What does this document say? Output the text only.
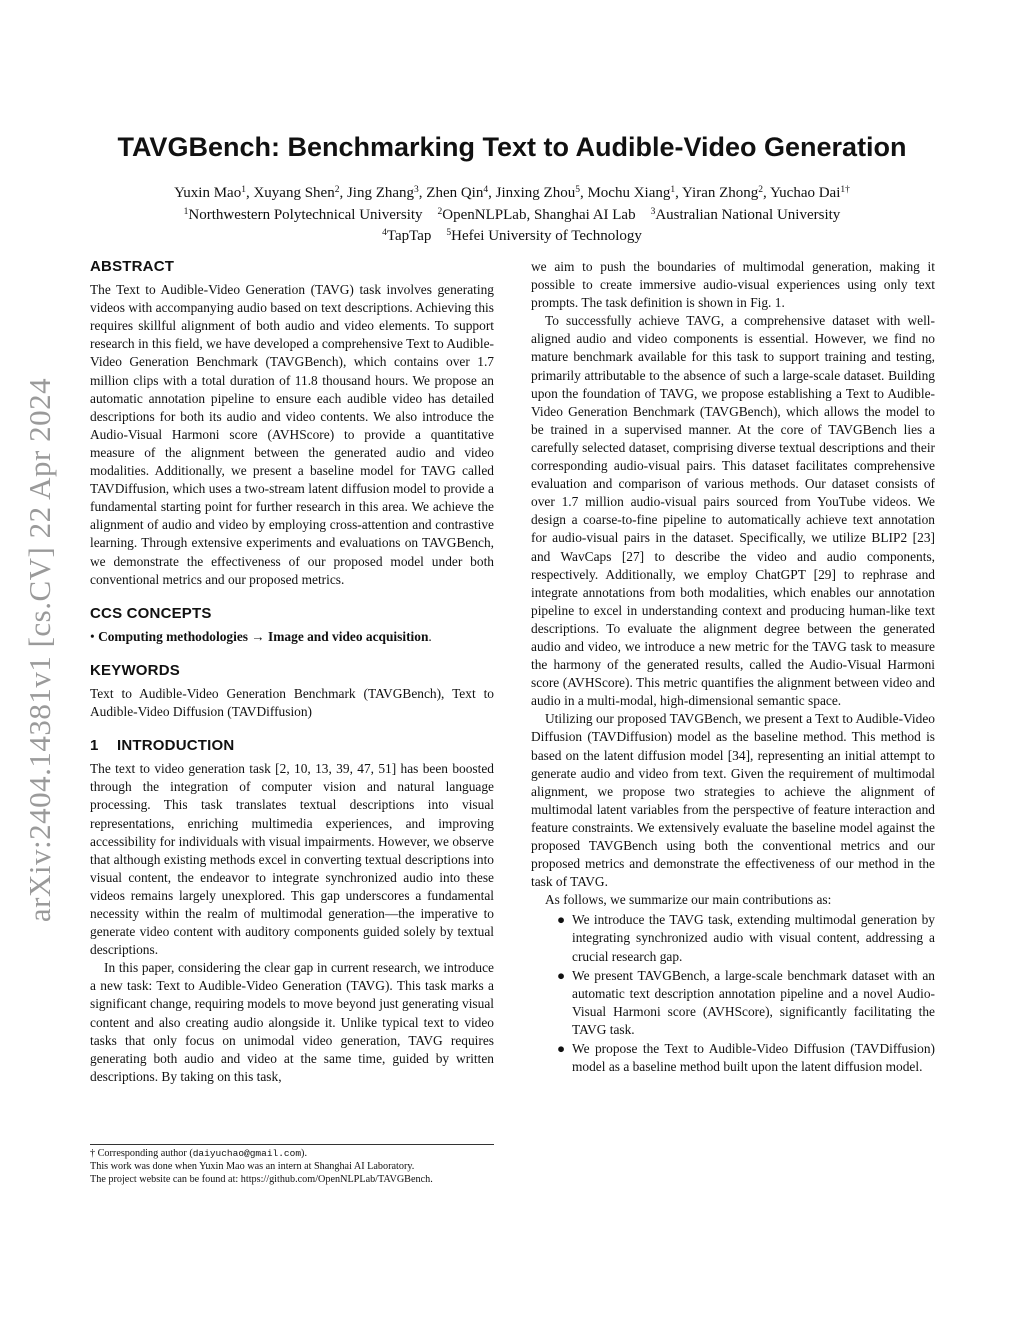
arXiv:2404.14381v1 [cs.CV] 22 Apr 2024
TAVGBench: Benchmarking Text to Audible-Video Generation

Yuxin Mao$^1$, Xuyang Shen$^2$, Jing Zhang$^3$, Zhen Qin$^4$, Jinxing Zhou$^5$, Mochu Xiang$^1$, Yiran Zhong$^2$, Yuchao Dai$^{1\dagger}$

$^1$Northwestern Polytechnical University $^2$OpenNLPLab, Shanghai AI Lab $^3$Australian National University

$^4$TapTap $^5$Hefei University of Technology

ABSTRACT

The Text to Audible-Video Generation (TAVG) task involves generating videos with accompanying audio based on text descriptions. Achieving this requires skillful alignment of both audio and video elements. To support research in this field, we have developed a comprehensive Text to Audible-Video Generation Benchmark (TAVGBench), which contains over 1.7 million clips with a total duration of 11.8 thousand hours. We propose an automatic annotation pipeline to ensure each audible video has detailed descriptions for both its audio and video contents. We also introduce the Audio-Visual Harmoni score (AVHScore) to provide a quantitative measure of the alignment between the generated audio and video modalities. Additionally, we present a baseline model for TAVG called TAVDiffusion, which uses a two-stream latent diffusion model to provide a fundamental starting point for further research in this area. We achieve the alignment of audio and video by employing cross-attention and contrastive learning. Through extensive experiments and evaluations on TAVGBench, we demonstrate the effectiveness of our proposed model under both conventional metrics and our proposed metrics.

CCS CONCEPTS

• Computing methodologies → Image and video acquisition.

KEYWORDS

Text to Audible-Video Generation Benchmark (TAVGBench), Text to Audible-Video Diffusion (TAVDiffusion)

1 INTRODUCTION

The text to video generation task [2, 10, 13, 39, 47, 51] has been boosted through the integration of computer vision and natural language processing. This task translates textual descriptions into visual representations, enriching multimedia experiences, and improving accessibility for individuals with visual impairments. However, we observe that although existing methods excel in converting textual descriptions into visual content, the endeavor to integrate synchronized audio into these videos remains largely unexplored. This gap underscores a fundamental necessity within the realm of multimodal generation—the imperative to generate video content with auditory components guided solely by textual descriptions.

In this paper, considering the clear gap in current research, we introduce a new task: Text to Audible-Video Generation (TAVG). This task marks a significant change, requiring models to move beyond just generating visual content and also creating audio alongside it. Unlike typical text to video tasks that only focus on unimodal video generation, TAVG requires generating both audio and video at the same time, guided by written descriptions. By taking on this task,

we aim to push the boundaries of multimodal generation, making it possible to create immersive audio-visual experiences using only text prompts. The task definition is shown in Fig. 1.

To successfully achieve TAVG, a comprehensive dataset with well-aligned audio and video components is essential. However, we find no mature benchmark available for this task to support training and testing, primarily attributable to the absence of such a large-scale dataset. Building upon the foundation of TAVG, we propose establishing a Text to Audible-Video Generation Benchmark (TAVGBench), which allows the model to be trained in a supervised manner. At the core of TAVGBench lies a carefully selected dataset, comprising diverse textual descriptions and their corresponding audio-visual pairs. This dataset facilitates comprehensive evaluation and comparison of various methods. Our dataset consists of over 1.7 million audio-visual pairs sourced from YouTube videos. We design a coarse-to-fine pipeline to automatically achieve text annotation for audio-visual pairs in the dataset. Specifically, we utilize BLIP2 [23] and WavCaps [27] to describe the video and audio components, respectively. Additionally, we employ ChatGPT [29] to rephrase and integrate annotations from both modalities, which enables our annotation pipeline to excel in understanding context and producing human-like text descriptions. To evaluate the alignment degree between the generated audio and video, we introduce a new metric for the TAVG task to measure the harmony of the generated results, called the Audio-Visual Harmoni score (AVHScore). This metric quantifies the alignment between video and audio in a multi-modal, high-dimensional semantic space.

Utilizing our proposed TAVGBench, we present a Text to Audible-Video Diffusion (TAVDiffusion) model as the baseline method. This method is based on the latent diffusion model [34], representing an initial attempt to generate audio and video from text. Given the requirement of multimodal alignment, we propose two strategies to achieve the alignment of multimodal latent variables from the perspective of feature interaction and feature constraints. We extensively evaluate the baseline model against the proposed TAVGBench using both the conventional metrics and our proposed metrics and demonstrate the effectiveness of our method in the task of TAVG.

As follows, we summarize our main contributions as:

● We introduce the TAVG task, extending multimodal generation by integrating synchronized audio with visual content, addressing a crucial research gap.
● We present TAVGBench, a large-scale benchmark dataset with an automatic text description annotation pipeline and a novel Audio-Visual Harmoni score (AVHScore), significantly facilitating the TAVG task.
● We propose the Text to Audible-Video Diffusion (TAVDiffusion) model as a baseline method built upon the latent diffusion model.

† Corresponding author (daiyuchao@gmail.com).

This work was done when Yuxin Mao was an intern at Shanghai AI Laboratory.

The project website can be found at: https://github.com/OpenNLPLab/TAVGBench.
